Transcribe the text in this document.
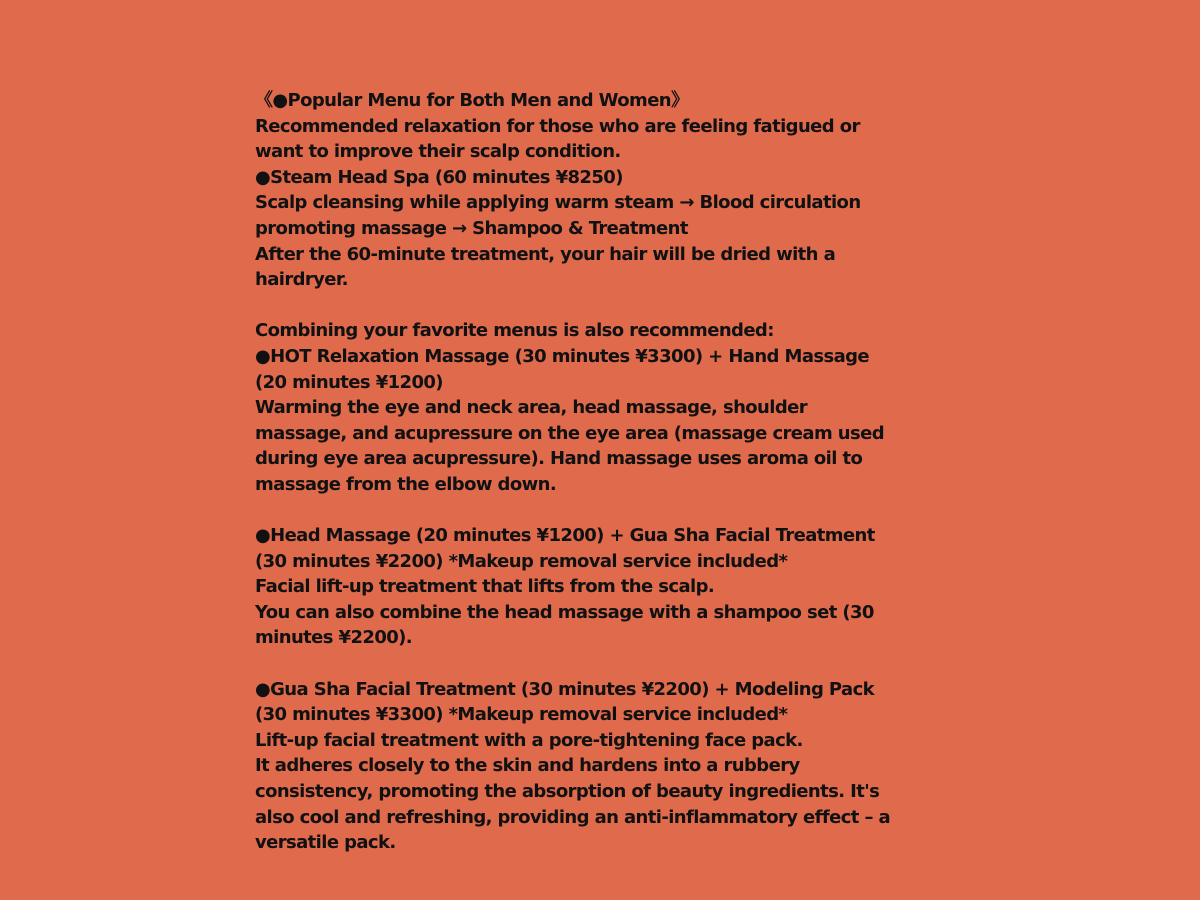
《●Popular Menu for Both Men and Women》
Recommended relaxation for those who are feeling fatigued or want to improve their scalp condition.
●Steam Head Spa (60 minutes ¥8250)
Scalp cleansing while applying warm steam → Blood circulation promoting massage → Shampoo & Treatment
After the 60-minute treatment, your hair will be dried with a hairdryer.
Combining your favorite menus is also recommended:
●HOT Relaxation Massage (30 minutes ¥3300) + Hand Massage (20 minutes ¥1200)
Warming the eye and neck area, head massage, shoulder massage, and acupressure on the eye area (massage cream used during eye area acupressure). Hand massage uses aroma oil to massage from the elbow down.
●Head Massage (20 minutes ¥1200) + Gua Sha Facial Treatment (30 minutes ¥2200) *Makeup removal service included*
Facial lift-up treatment that lifts from the scalp.
You can also combine the head massage with a shampoo set (30 minutes ¥2200).
●Gua Sha Facial Treatment (30 minutes ¥2200) + Modeling Pack (30 minutes ¥3300) *Makeup removal service included*
Lift-up facial treatment with a pore-tightening face pack.
It adheres closely to the skin and hardens into a rubbery consistency, promoting the absorption of beauty ingredients. It's also cool and refreshing, providing an anti-inflammatory effect – a versatile pack.
